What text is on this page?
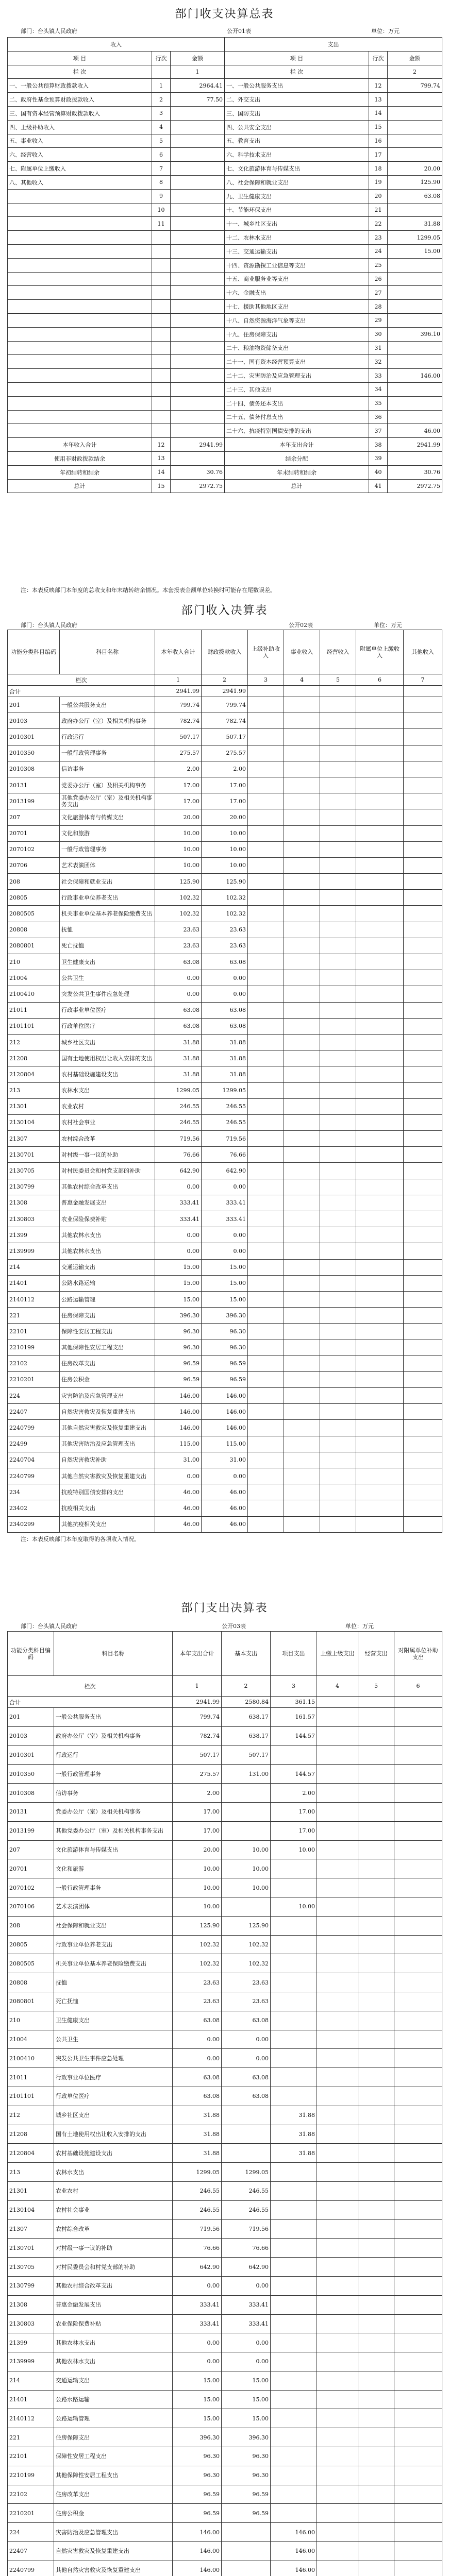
部门收支决算总表
部门：台头镇人民政府	公开01表	单位：万元
收入			支出		
项 目	行次	金额	项 目	行次	金额
栏 次		1	栏 次		2
一、一般公共预算财政拨款收入	1	2964.41	一、一般公共服务支出	12	799.74
二、政府性基金预算财政拨款收入	2	77.50	二、外交支出	13	
三、国有资本经营预算财政拨款收入	3		三、国防支出	14	
四、上级补助收入	4		四、公共安全支出	15	
五、事业收入	5		五、教育支出	16	
六、经营收入	6		六、科学技术支出	17	
七、附属单位上缴收入	7		七、文化旅游体育与传媒支出	18	20.00
八、其他收入	8		八、社会保障和就业支出	19	125.90
	9		九、卫生健康支出	20	63.08
	10		十、节能环保支出	21	
	11		十一、城乡社区支出	22	31.88
			十二、农林水支出	23	1299.05
			十三、交通运输支出	24	15.00
			十四、资源勘探工业信息等支出	25	
			十五、商业服务业等支出	26	
			十六、金融支出	27	
			十七、援助其他地区支出	28	
			十八、自然资源海洋气象等支出	29	
			十九、住房保障支出	30	396.10
			二十、粮油物资储备支出	31	
			二十一、国有资本经营预算支出	32	
			二十二、灾害防治及应急管理支出	33	146.00
			二十三、其他支出	34	
			二十四、债务还本支出	35	
			二十五、债务付息支出	36	
			二十六、抗疫特别国债安排的支出	37	46.00
本年收入合计	12	2941.99	本年支出合计	38	2941.99
使用非财政拨款结余	13		结余分配	39	
年初结转和结余	14	30.76	年末结转和结余	40	30.76
总计	15	2972.75	总计	41	2972.75
注：本表反映部门本年度的总收支和年末结转结余情况。本套报表金额单位转换时可能存在尾数误差。
部门收入决算表
部门：台头镇人民政府	公开02表	单位：万元
功能分类科目编码	科目名称	本年收入合计	财政拨款收入	上级补助收入	事业收入	经营收入	附属单位上缴收入	其他收入
栏次		1	2	3	4	5	6	7
合计		2941.99	2941.99					
201	一般公共服务支出	799.74	799.74					
20103	政府办公厅（室）及相关机构事务	782.74	782.74					
2010301	行政运行	507.17	507.17					
2010350	一般行政管理事务	275.57	275.57					
2010308	信访事务	2.00	2.00					
20131	党委办公厅（室）及相关机构事务	17.00	17.00					
2013199	其他党委办公厅（室）及相关机构事务支出	17.00	17.00					
207	文化旅游体育与传媒支出	20.00	20.00					
20701	文化和旅游	10.00	10.00					
2070102	一般行政管理事务	10.00	10.00					
20706	艺术表演团体	10.00	10.00					
208	社会保障和就业支出	125.90	125.90					
20805	行政事业单位养老支出	102.32	102.32					
2080505	机关事业单位基本养老保险缴费支出	102.32	102.32					
20808	抚恤	23.63	23.63					
2080801	死亡抚恤	23.63	23.63					
210	卫生健康支出	63.08	63.08					
21004	公共卫生	0.00	0.00					
2100410	突发公共卫生事件应急处理	0.00	0.00					
21011	行政事业单位医疗	63.08	63.08					
2101101	行政单位医疗	63.08	63.08					
212	城乡社区支出	31.88	31.88					
21208	国有土地使用权出让收入安排的支出	31.88	31.88					
2120804	农村基础设施建设支出	31.88	31.88					
213	农林水支出	1299.05	1299.05					
21301	农业农村	246.55	246.55					
2130104	农村社会事业	246.55	246.55					
21307	农村综合改革	719.56	719.56					
2130701	对村级一事一议的补助	76.66	76.66					
2130705	对村民委员会和村党支部的补助	642.90	642.90					
2130799	其他农村综合改革支出	0.00	0.00					
21308	普惠金融发展支出	333.41	333.41					
2130803	农业保险保费补贴	333.41	333.41					
21399	其他农林水支出	0.00	0.00					
2139999	其他农林水支出	0.00	0.00					
214	交通运输支出	15.00	15.00					
21401	公路水路运输	15.00	15.00					
2140112	公路运输管理	15.00	15.00					
221	住房保障支出	396.30	396.30					
22101	保障性安居工程支出	96.30	96.30					
2210199	其他保障性安居工程支出	96.30	96.30					
22102	住房改革支出	96.59	96.59					
2210201	住房公积金	96.59	96.59					
224	灾害防治及应急管理支出	146.00	146.00					
22407	自然灾害救灾及恢复重建支出	146.00	146.00					
2240799	其他自然灾害救灾及恢复重建支出	146.00	146.00					
22499	其他灾害防治及应急管理支出	115.00	115.00					
2240704	自然灾害救灾补助	31.00	31.00					
2240799	其他自然灾害救灾及恢复重建支出	0.00	0.00					
234	抗疫特别国债安排的支出	46.00	46.00					
23402	抗疫相关支出	46.00	46.00					
2340299	其他抗疫相关支出	46.00	46.00					
注：本表反映部门本年度取得的各项收入情况。
部门支出决算表
部门：台头镇人民政府	公开03表	单位：万元
功能分类科目编码	科目名称	本年支出合计	基本支出	项目支出	上缴上级支出	经营支出	对附属单位补助支出
栏次		1	2	3	4	5	6
合计		2941.99	2580.84	361.15			
201	一般公共服务支出	799.74	638.17	161.57			
20103	政府办公厅（室）及相关机构事务	782.74	638.17	144.57			
2010301	行政运行	507.17	507.17				
2010350	一般行政管理事务	275.57	131.00	144.57			
2010308	信访事务	2.00		2.00			
20131	党委办公厅（室）及相关机构事务	17.00		17.00			
2013199	其他党委办公厅（室）及相关机构事务支出	17.00		17.00			
207	文化旅游体育与传媒支出	20.00	10.00	10.00			
20701	文化和旅游	10.00	10.00				
2070102	一般行政管理事务	10.00	10.00				
2070106	艺术表演团体	10.00		10.00			
208	社会保障和就业支出	125.90	125.90				
20805	行政事业单位养老支出	102.32	102.32				
2080505	机关事业单位基本养老保险缴费支出	102.32	102.32				
20808	抚恤	23.63	23.63				
2080801	死亡抚恤	23.63	23.63				
210	卫生健康支出	63.08	63.08				
21004	公共卫生	0.00	0.00				
2100410	突发公共卫生事件应急处理	0.00	0.00				
21011	行政事业单位医疗	63.08	63.08				
2101101	行政单位医疗	63.08	63.08				
212	城乡社区支出	31.88		31.88			
21208	国有土地使用权出让收入安排的支出	31.88		31.88			
2120804	农村基础设施建设支出	31.88		31.88			
213	农林水支出	1299.05	1299.05				
21301	农业农村	246.55	246.55				
2130104	农村社会事业	246.55	246.55				
21307	农村综合改革	719.56	719.56				
2130701	对村级一事一议的补助	76.66	76.66				
2130705	对村民委员会和村党支部的补助	642.90	642.90				
2130799	其他农村综合改革支出	0.00	0.00				
21308	普惠金融发展支出	333.41	333.41				
2130803	农业保险保费补贴	333.41	333.41				
21399	其他农林水支出	0.00	0.00				
2139999	其他农林水支出	0.00	0.00				
214	交通运输支出	15.00	15.00				
21401	公路水路运输	15.00	15.00				
2140112	公路运输管理	15.00	15.00				
221	住房保障支出	396.30	396.30				
22101	保障性安居工程支出	96.30	96.30				
2210199	其他保障性安居工程支出	96.30	96.30				
22102	住房改革支出	96.59	96.59				
2210201	住房公积金	96.59	96.59				
224	灾害防治及应急管理支出	146.00		146.00			
22407	自然灾害救灾及恢复重建支出	146.00		146.00			
2240799	其他自然灾害救灾及恢复重建支出	146.00		146.00			
